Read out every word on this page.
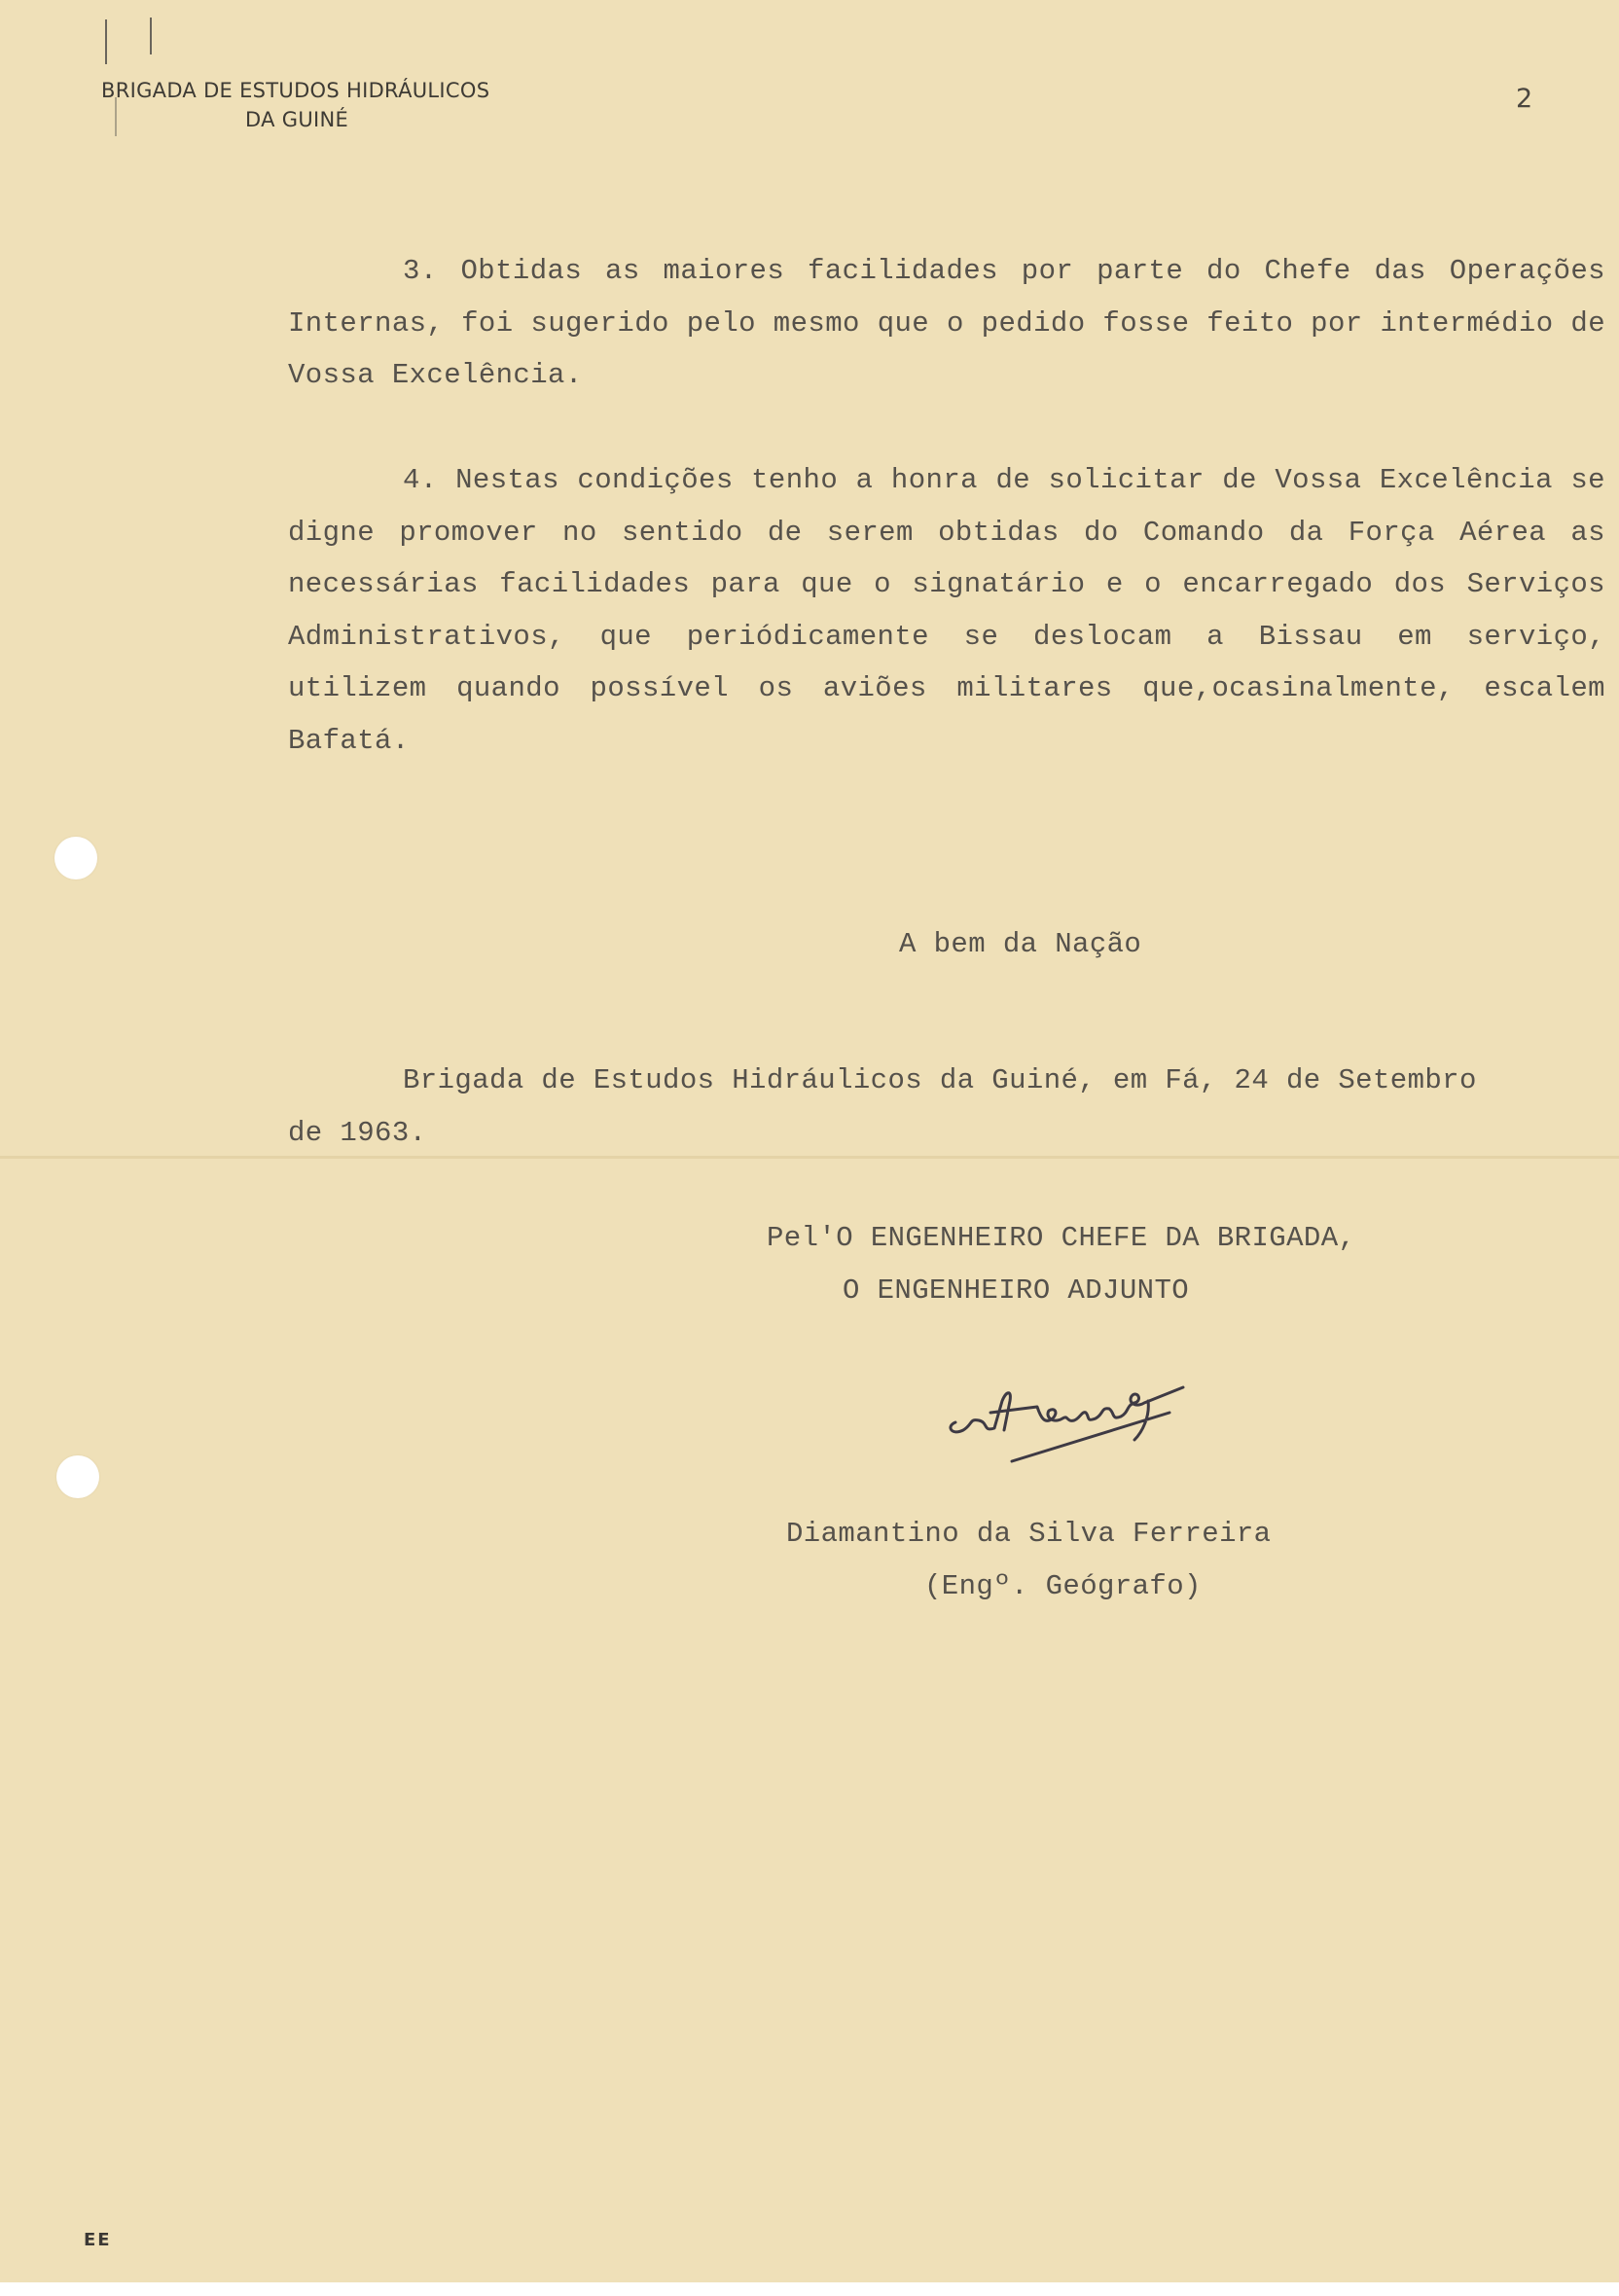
BRIGADA DE ESTUDOS HIDRÁULICOS
DA GUINÉ
2
3. Obtidas as maiores facilidades por parte do Chefe das Operações Internas, foi sugerido pelo mesmo que o pedido fosse feito por intermédio de Vossa Excelência.
4. Nestas condições tenho a honra de solicitar de Vossa Excelência se digne promover no sentido de serem obtidas do Comando da Força Aérea as necessárias facilidades para que o signatário e o encarregado dos Serviços Administrativos, que periódicamente se deslocam a Bissau em serviço, utilizem quando possível os aviões militares que,ocasinalmente, escalem Bafatá.
A bem da Nação
Brigada de Estudos Hidráulicos da Guiné, em Fá, 24 de Setembro
de 1963.
Pel'O ENGENHEIRO CHEFE DA BRIGADA,
O ENGENHEIRO ADJUNTO
Diamantino da Silva Ferreira
(Engº. Geógrafo)
EE
